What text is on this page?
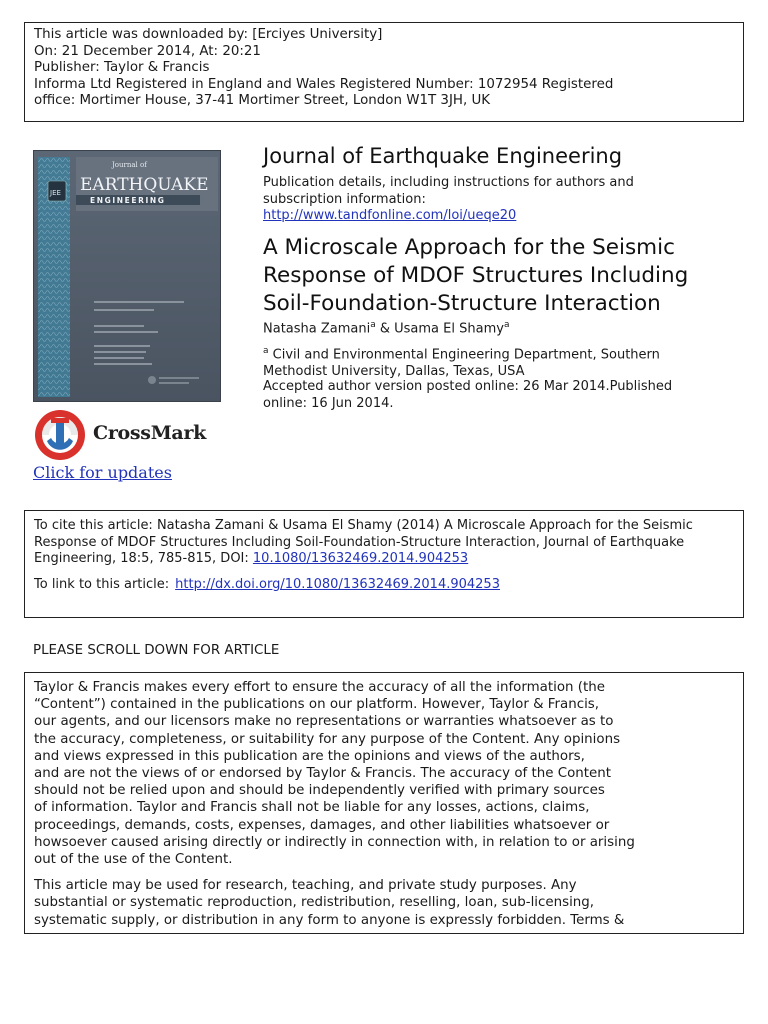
This article was downloaded by: [Erciyes University]
On: 21 December 2014, At: 20:21
Publisher: Taylor & Francis
Informa Ltd Registered in England and Wales Registered Number: 1072954 Registered
office: Mortimer House, 37-41 Mortimer Street, London W1T 3JH, UK
Journal of
EARTHQUAKE
ENGINEERING
JEE
CrossMark
Click for updates
Journal of Earthquake Engineering
Publication details, including instructions for authors and
subscription information:
http://www.tandfonline.com/loi/ueqe20
A Microscale Approach for the Seismic
Response of MDOF Structures Including
Soil-Foundation-Structure Interaction
Natasha Zamani$^a$ & Usama El Shamy$^a$
$^a$ Civil and Environmental Engineering Department, Southern
Methodist University, Dallas, Texas, USA
Accepted author version posted online: 26 Mar 2014.Published
online: 16 Jun 2014.
To cite this article: Natasha Zamani & Usama El Shamy (2014) A Microscale Approach for the Seismic
Response of MDOF Structures Including Soil-Foundation-Structure Interaction, Journal of Earthquake
Engineering, 18:5, 785-815, DOI: 10.1080/13632469.2014.904253
To link to this article: http://dx.doi.org/10.1080/13632469.2014.904253
PLEASE SCROLL DOWN FOR ARTICLE

Taylor & Francis makes every effort to ensure the accuracy of all the information (the
“Content”) contained in the publications on our platform. However, Taylor & Francis,
our agents, and our licensors make no representations or warranties whatsoever as to
the accuracy, completeness, or suitability for any purpose of the Content. Any opinions
and views expressed in this publication are the opinions and views of the authors,
and are not the views of or endorsed by Taylor & Francis. The accuracy of the Content
should not be relied upon and should be independently verified with primary sources
of information. Taylor and Francis shall not be liable for any losses, actions, claims,
proceedings, demands, costs, expenses, damages, and other liabilities whatsoever or
howsoever caused arising directly or indirectly in connection with, in relation to or arising
out of the use of the Content.

This article may be used for research, teaching, and private study purposes. Any
substantial or systematic reproduction, redistribution, reselling, loan, sub-licensing,
systematic supply, or distribution in any form to anyone is expressly forbidden. Terms &
